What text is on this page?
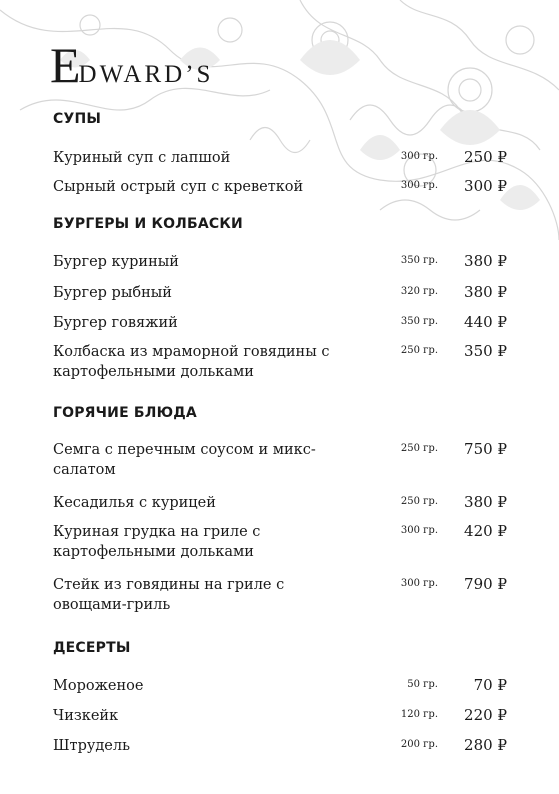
E
DWARD’S
СУПЫ
Куриный суп с лапшой	300 гр. 250 ₽
Сырный острый суп с креветкой	300 гр. 300 ₽
БУРГЕРЫ И КОЛБАСКИ
Бургер куриный	350 гр. 380 ₽
Бургер рыбный	320 гр. 380 ₽
Бургер говяжий	350 гр. 440 ₽
Колбаска из мраморной говядины с картофельными дольками
250 гр. 350 ₽
ГОРЯЧИЕ БЛЮДА
Семга с перечным соусом и микс-салатом
250 гр. 750 ₽
Кесадилья с курицей	250 гр. 380 ₽
Куриная грудка на гриле с картофельными дольками
300 гр. 420 ₽
Стейк из говядины на гриле с овощами-гриль
300 гр. 790 ₽
ДЕСЕРТЫ
Мороженое	50 гр. 70 ₽
Чизкейк	120 гр. 220 ₽
Штрудель	200 гр. 280 ₽
